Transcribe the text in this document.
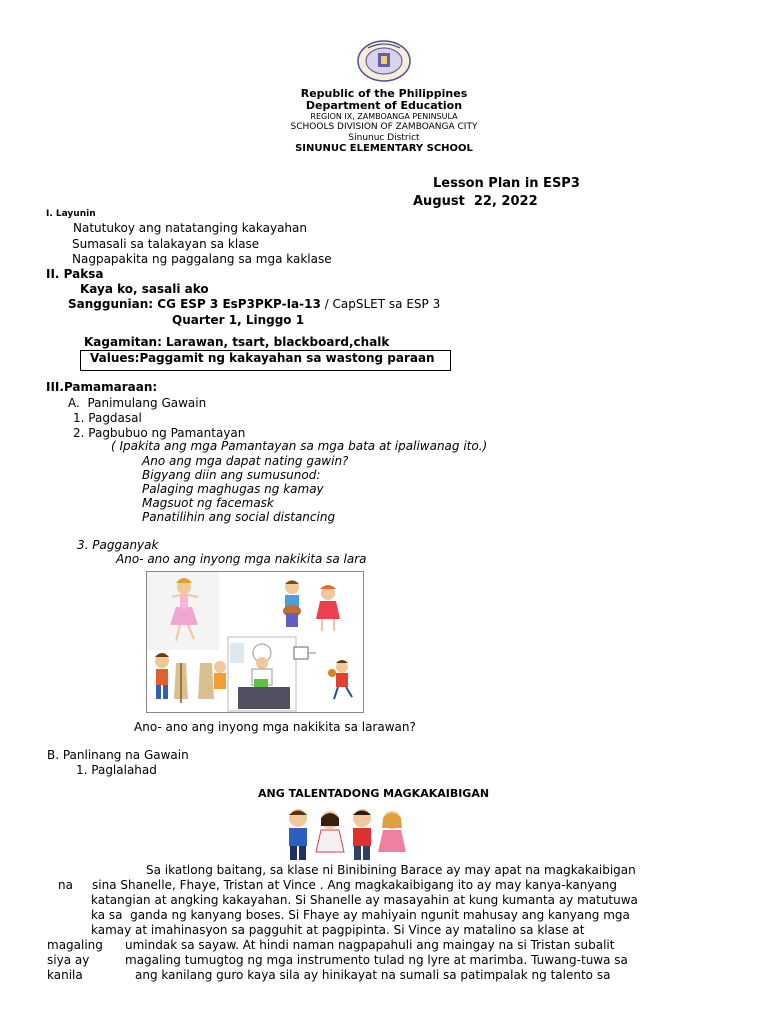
Republic of the Philippines
Department of Education
REGION IX, ZAMBOANGA PENINSULA
SCHOOLS DIVISION OF ZAMBOANGA CITY
Sinunuc District
SINUNUC ELEMENTARY SCHOOL
Lesson Plan in ESP3
August  22, 2022
I. Layunin
Natutukoy ang natatanging kakayahan
Sumasali sa talakayan sa klase
Nagpapakita ng paggalang sa mga kaklase
II. Paksa
Kaya ko, sasali ako
Sanggunian: CG ESP 3 EsP3PKP-Ia-13 / CapSLET sa ESP 3
Quarter 1, Linggo 1
Kagamitan: Larawan, tsart, blackboard,chalk
Values:Paggamit ng kakayahan sa wastong paraan
III.Pamamaraan:
A.  Panimulang Gawain
1. Pagdasal
2. Pagbubuo ng Pamantayan
( Ipakita ang mga Pamantayan sa mga bata at ipaliwanag ito.)
Ano ang mga dapat nating gawin?
Bigyang diin ang sumusunod:
Palaging maghugas ng kamay
Magsuot ng facemask
Panatilihin ang social distancing
3. Pagganyak
Ano- ano ang inyong mga nakikita sa lara
Ano- ano ang inyong mga nakikita sa larawan?
B. Panlinang na Gawain
1. Paglalahad
ANG TALENTADONG MAGKAKAIBIGAN
Sa ikatlong baitang, sa klase ni Binibining Barace ay may apat na magkakaibigan
na sina Shanelle, Fhaye, Tristan at Vince . Ang magkakaibigang ito ay may kanya-kanyang
katangian at angking kakayahan. Si Shanelle ay masayahin at kung kumanta ay matutuwa
ka sa  ganda ng kanyang boses. Si Fhaye ay mahiyain ngunit mahusay ang kanyang mga
kamay at imahinasyon sa pagguhit at pagpipinta. Si Vince ay matalino sa klase at
magaling umindak sa sayaw. At hindi naman nagpapahuli ang maingay na si Tristan subalit
siya ay	magaling tumugtog ng mga instrumento tulad ng lyre at marimba. Tuwang-tuwa sa
kanila	ang kanilang guro kaya sila ay hinikayat na sumali sa patimpalak ng talento sa
